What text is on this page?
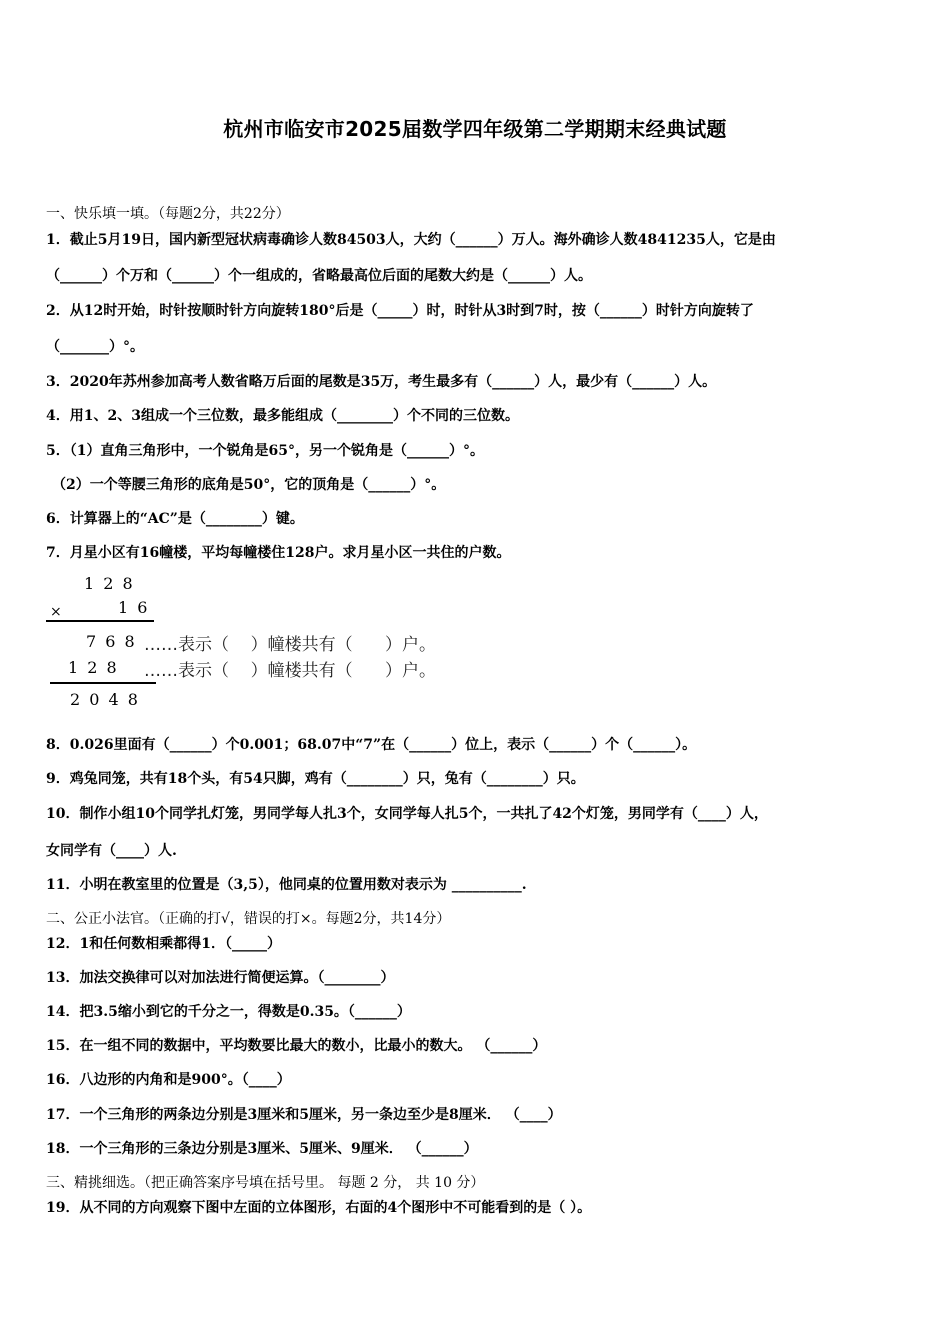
杭州市临安市2025届数学四年级第二学期期末经典试题
一、快乐填一填。（每题2分，共22分）
1．截止5月19日，国内新型冠状病毒确诊人数84503人，大约（______）万人。海外确诊人数4841235人，它是由
（______）个万和（______）个一组成的，省略最高位后面的尾数大约是（______）人。
2．从12时开始，时针按顺时针方向旋转180°后是（_____）时，时针从3时到7时，按（______）时针方向旋转了
（_______）°。
3．2020年苏州参加高考人数省略万后面的尾数是35万，考生最多有（______）人，最少有（______）人。
4．用1、2、3组成一个三位数，最多能组成（________）个不同的三位数。
5．（1）直角三角形中，一个锐角是65°，另一个锐角是（______）°。
（2）一个等腰三角形的底角是50°，它的顶角是（______）°。
6．计算器上的“AC”是（________）键。
7．月星小区有16幢楼，平均每幢楼住128户。求月星小区一共住的户数。
1 2 8
×	1 6
7 6 8 ……表示（    ）幢楼共有（      ）户。
1 2 8 ……表示（    ）幢楼共有（      ）户。
2 0 4 8
8．0.026里面有（______）个0.001；68.07中“7”在（______）位上，表示（______）个（______）。
9．鸡兔同笼，共有18个头，有54只脚，鸡有（________）只，兔有（________）只。
10．制作小组10个同学扎灯笼，男同学每人扎3个，女同学每人扎5个，一共扎了42个灯笼，男同学有（____）人，
女同学有（____）人.
11．小明在教室里的位置是（3,5），他同桌的位置用数对表示为 __________.
二、公正小法官。（正确的打√，错误的打×。每题2分，共14分）
12．1和任何数相乘都得1．（_____）
13．加法交换律可以对加法进行简便运算。（________）
14．把3.5缩小到它的千分之一，得数是0.35。（______）
15．在一组不同的数据中，平均数要比最大的数小，比最小的数大。 （______）
16．八边形的内角和是900°。（____）
17．一个三角形的两条边分别是3厘米和5厘米，另一条边至少是8厘米． （____）
18．一个三角形的三条边分别是3厘米、5厘米、9厘米． （______）
三、精挑细选。（把正确答案序号填在括号里。 每题 2 分， 共 10 分）
19．从不同的方向观察下图中左面的立体图形，右面的4个图形中不可能看到的是（ ）。
